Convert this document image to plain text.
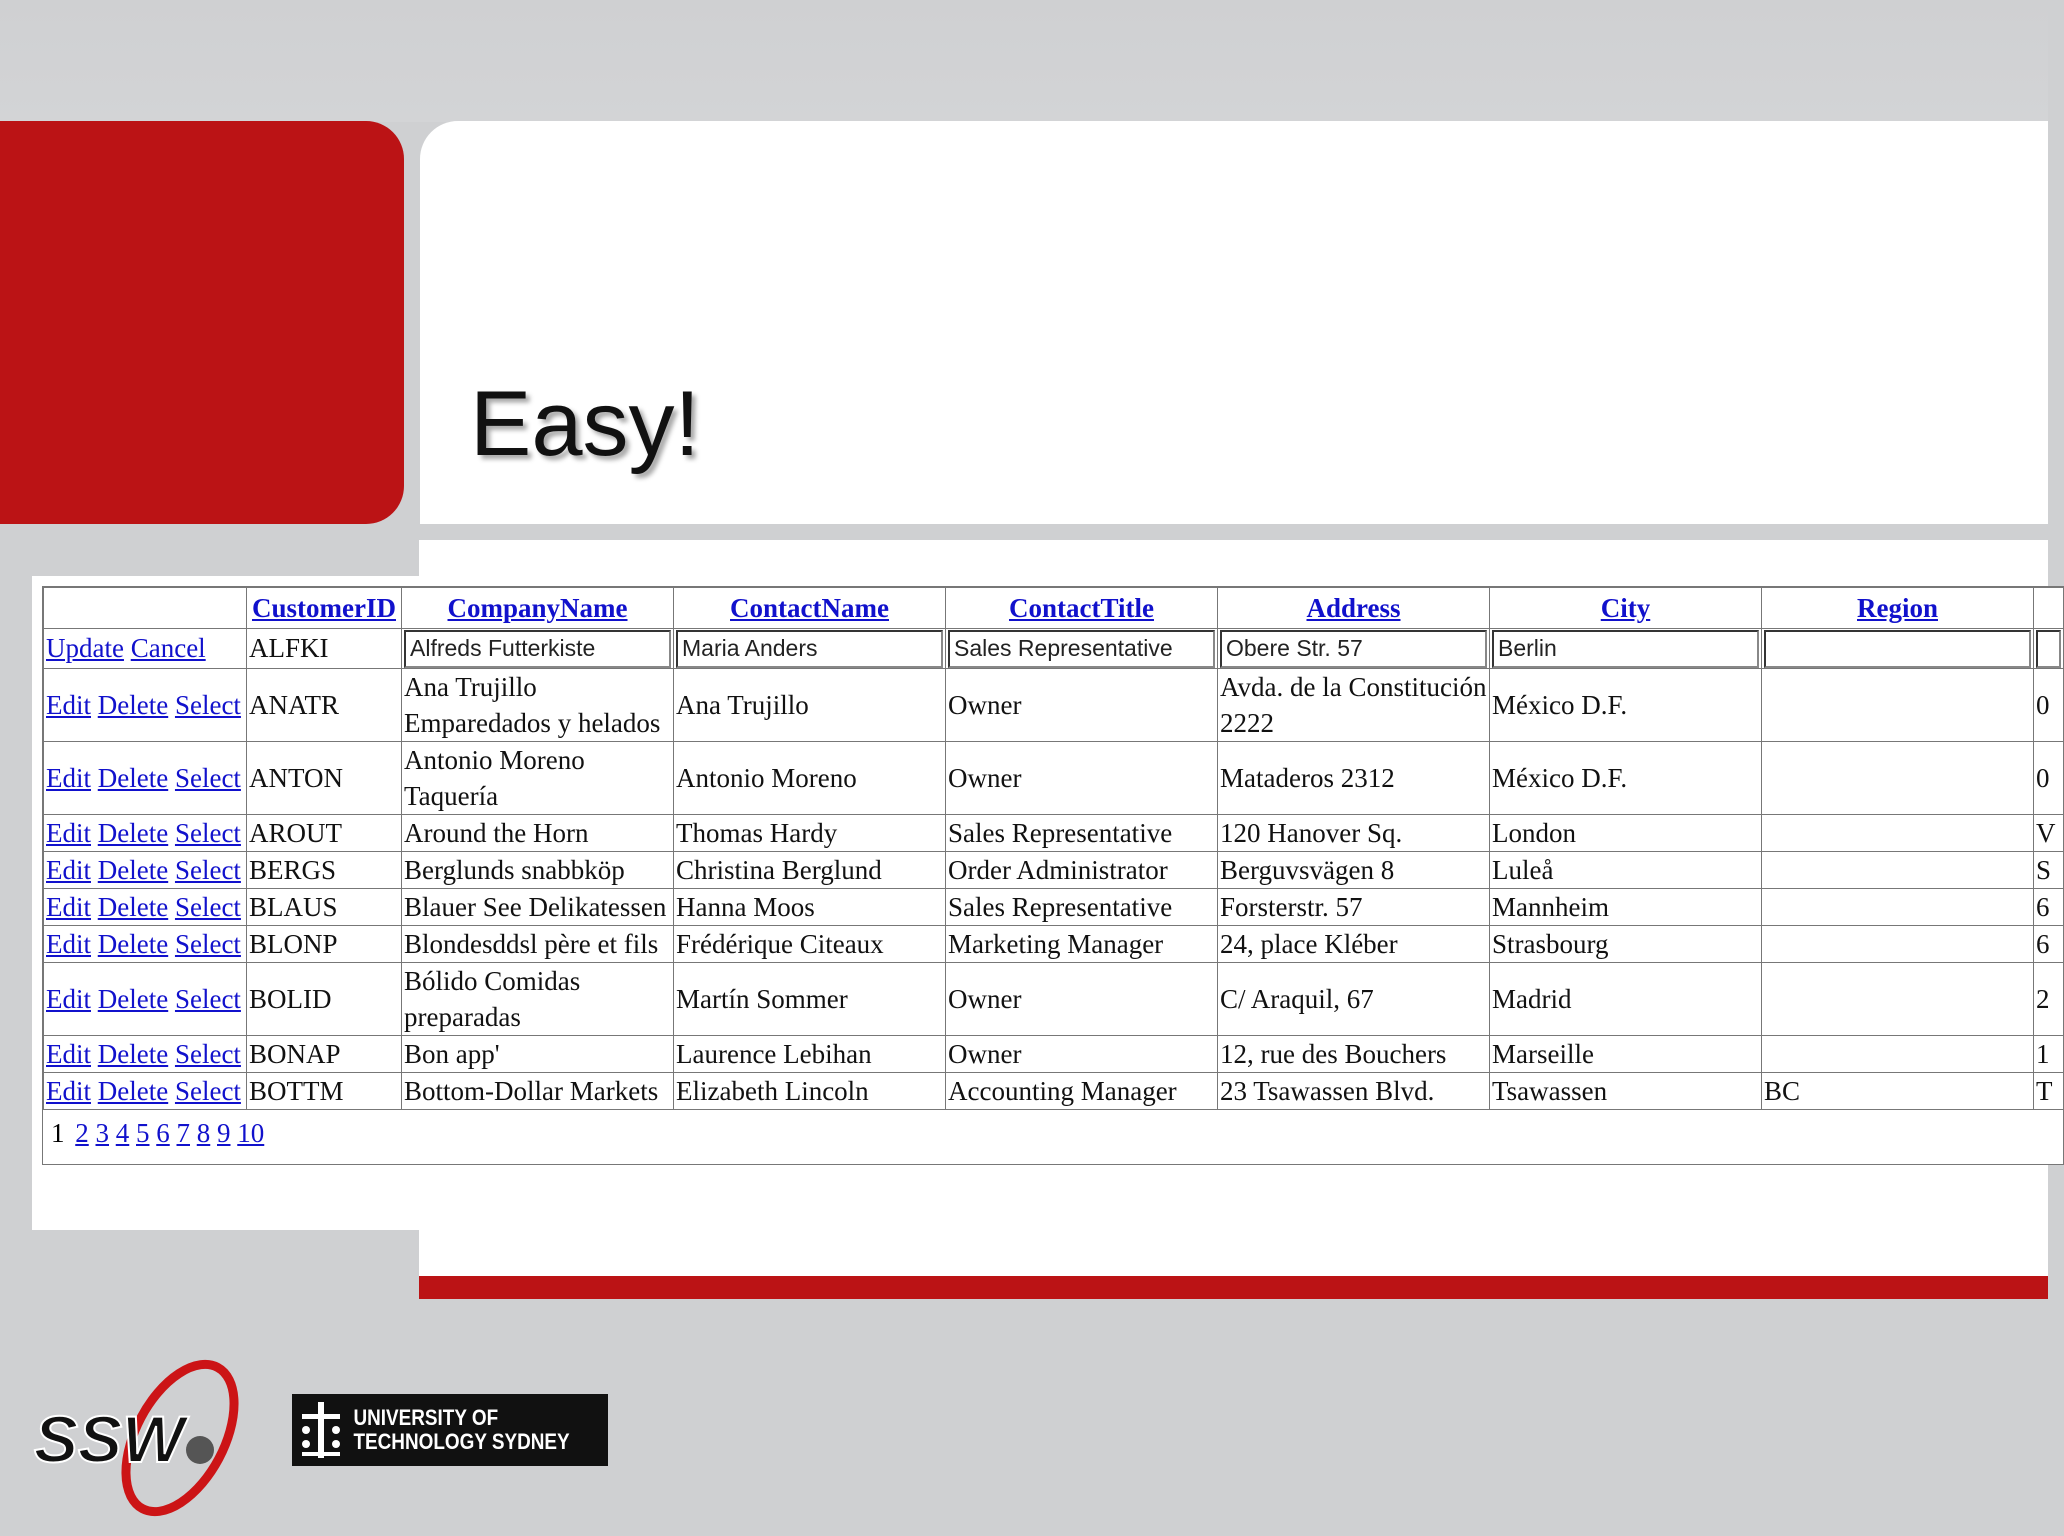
Easy!
	CustomerID	CompanyName	ContactName	ContactTitle	Address	City	Region	
Update Cancel	ALFKI	Alfreds Futterkiste	Maria Anders	Sales Representative	Obere Str. 57	Berlin		
Edit Delete Select	ANATR	Ana Trujillo Emparedados y helados	Ana Trujillo	Owner	Avda. de la Constitución 2222	México D.F.		0
Edit Delete Select	ANTON	Antonio Moreno Taquería	Antonio Moreno	Owner	Mataderos 2312	México D.F.		0
Edit Delete Select	AROUT	Around the Horn	Thomas Hardy	Sales Representative	120 Hanover Sq.	London		V
Edit Delete Select	BERGS	Berglunds snabbköp	Christina Berglund	Order Administrator	Berguvsvägen 8	Luleå		S
Edit Delete Select	BLAUS	Blauer See Delikatessen	Hanna Moos	Sales Representative	Forsterstr. 57	Mannheim		6
Edit Delete Select	BLONP	Blondesddsl père et fils	Frédérique Citeaux	Marketing Manager	24, place Kléber	Strasbourg		6
Edit Delete Select	BOLID	Bólido Comidas preparadas	Martín Sommer	Owner	C/ Araquil, 67	Madrid		2
Edit Delete Select	BONAP	Bon app'	Laurence Lebihan	Owner	12, rue des Bouchers	Marseille		1
Edit Delete Select	BOTTM	Bottom-Dollar Markets	Elizabeth Lincoln	Accounting Manager	23 Tsawassen Blvd.	Tsawassen	BC	T
1 2 3 4 5 6 7 8 9 10
SSW	UNIVERSITY OF
TECHNOLOGY SYDNEY
